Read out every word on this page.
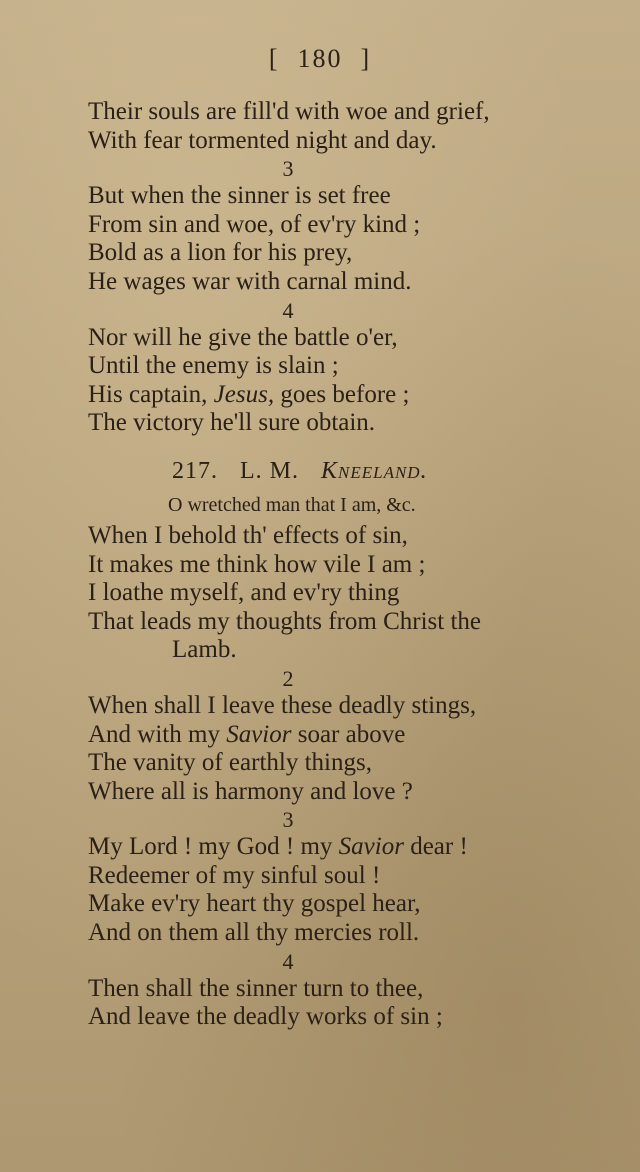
[ 180 ]
Their souls are fill'd with woe and grief,
With fear tormented night and day.
3
But when the sinner is set free
From sin and woe, of ev'ry kind ;
Bold as a lion for his prey,
He wages war with carnal mind.
4
Nor will he give the battle o'er,
Until the enemy is slain ;
His captain, Jesus, goes before ;
The victory he'll sure obtain.
217. L. M. Kneeland.
O wretched man that I am, &c.
When I behold th' effects of sin,
It makes me think how vile I am ;
I loathe myself, and ev'ry thing
That leads my thoughts from Christ the
Lamb.
2
When shall I leave these deadly stings,
And with my Savior soar above
The vanity of earthly things,
Where all is harmony and love ?
3
My Lord ! my God ! my Savior dear !
Redeemer of my sinful soul !
Make ev'ry heart thy gospel hear,
And on them all thy mercies roll.
4
Then shall the sinner turn to thee,
And leave the deadly works of sin ;
